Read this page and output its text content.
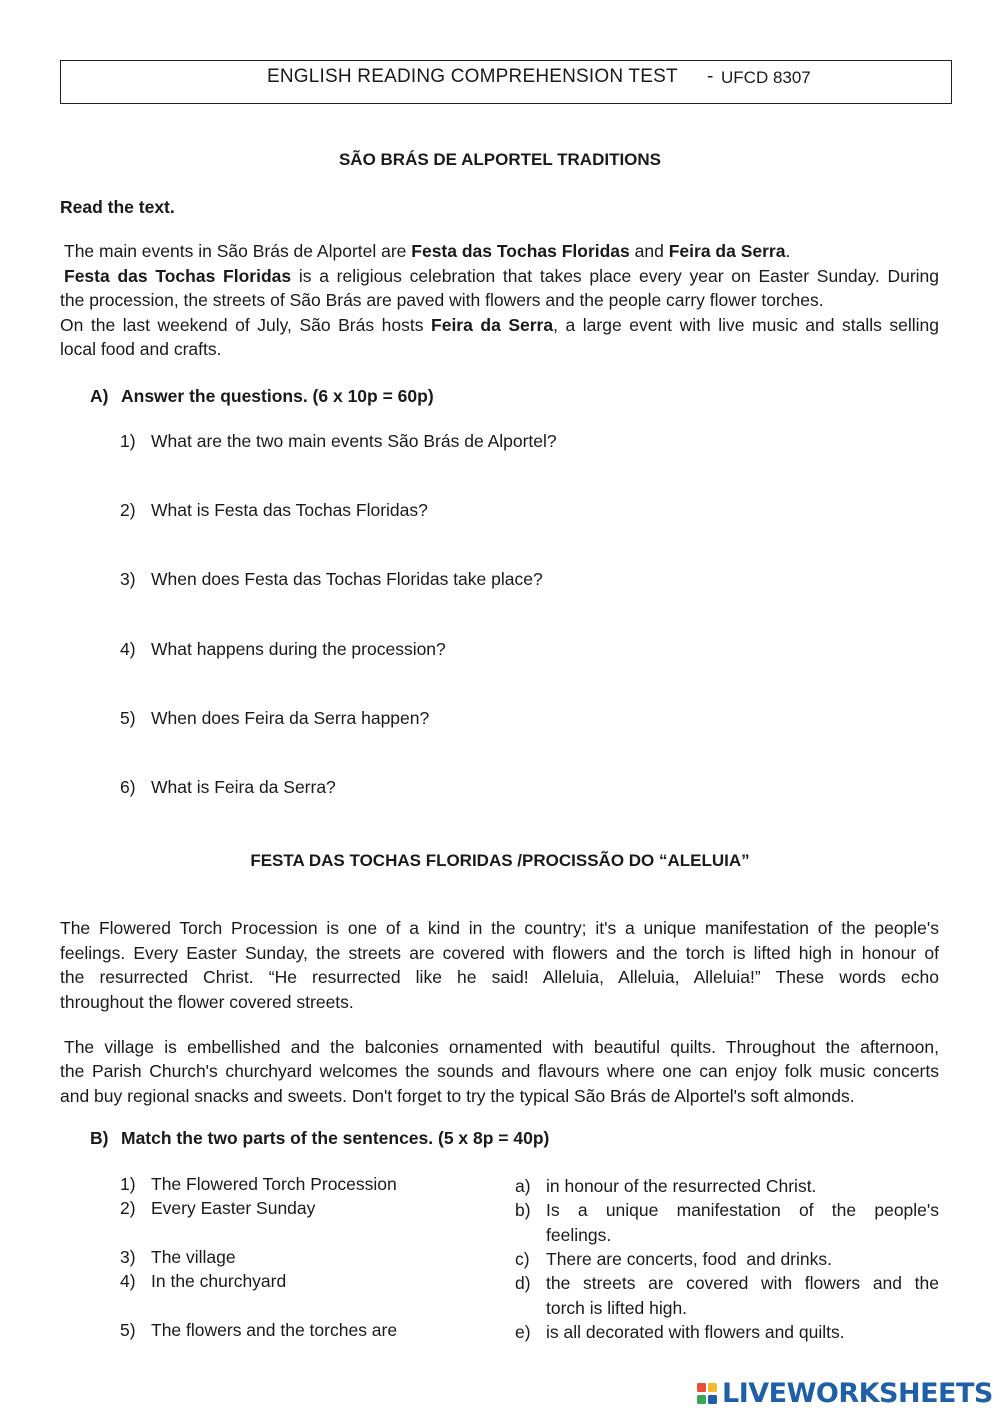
ENGLISH READING COMPREHENSION TEST - UFCD 8307
SÃO BRÁS DE ALPORTEL TRADITIONS
Read the text.
The main events in São Brás de Alportel are Festa das Tochas Floridas and Feira da Serra.
Festa das Tochas Floridas is a religious celebration that takes place every year on Easter Sunday. During
the procession, the streets of São Brás are paved with flowers and the people carry flower torches.
On the last weekend of July, São Brás hosts Feira da Serra, a large event with live music and stalls selling
local food and crafts.
A) Answer the questions. (6 x 10p = 60p)
1) What are the two main events São Brás de Alportel?
2) What is Festa das Tochas Floridas?
3) When does Festa das Tochas Floridas take place?
4) What happens during the procession?
5) When does Feira da Serra happen?
6) What is Feira da Serra?
FESTA DAS TOCHAS FLORIDAS /PROCISSÃO DO “ALELUIA”
The Flowered Torch Procession is one of a kind in the country; it's a unique manifestation of the people's
feelings. Every Easter Sunday, the streets are covered with flowers and the torch is lifted high in honour of
the resurrected Christ. “He resurrected like he said! Alleluia, Alleluia, Alleluia!” These words echo
throughout the flower covered streets.
The village is embellished and the balconies ornamented with beautiful quilts. Throughout the afternoon,
the Parish Church's churchyard welcomes the sounds and flavours where one can enjoy folk music concerts
and buy regional snacks and sweets. Don't forget to try the typical São Brás de Alportel's soft almonds.
B) Match the two parts of the sentences. (5 x 8p = 40p)
1) The Flowered Torch Procession
2) Every Easter Sunday
3) The village
4) In the churchyard
5) The flowers and the torches are
a) in honour of the resurrected Christ.
b) Is a unique manifestation of the people's
feelings.
c) There are concerts, food  and drinks.
d) the streets are covered with flowers and the
torch is lifted high.
e) is all decorated with flowers and quilts.
LIVEWORKSHEETS
